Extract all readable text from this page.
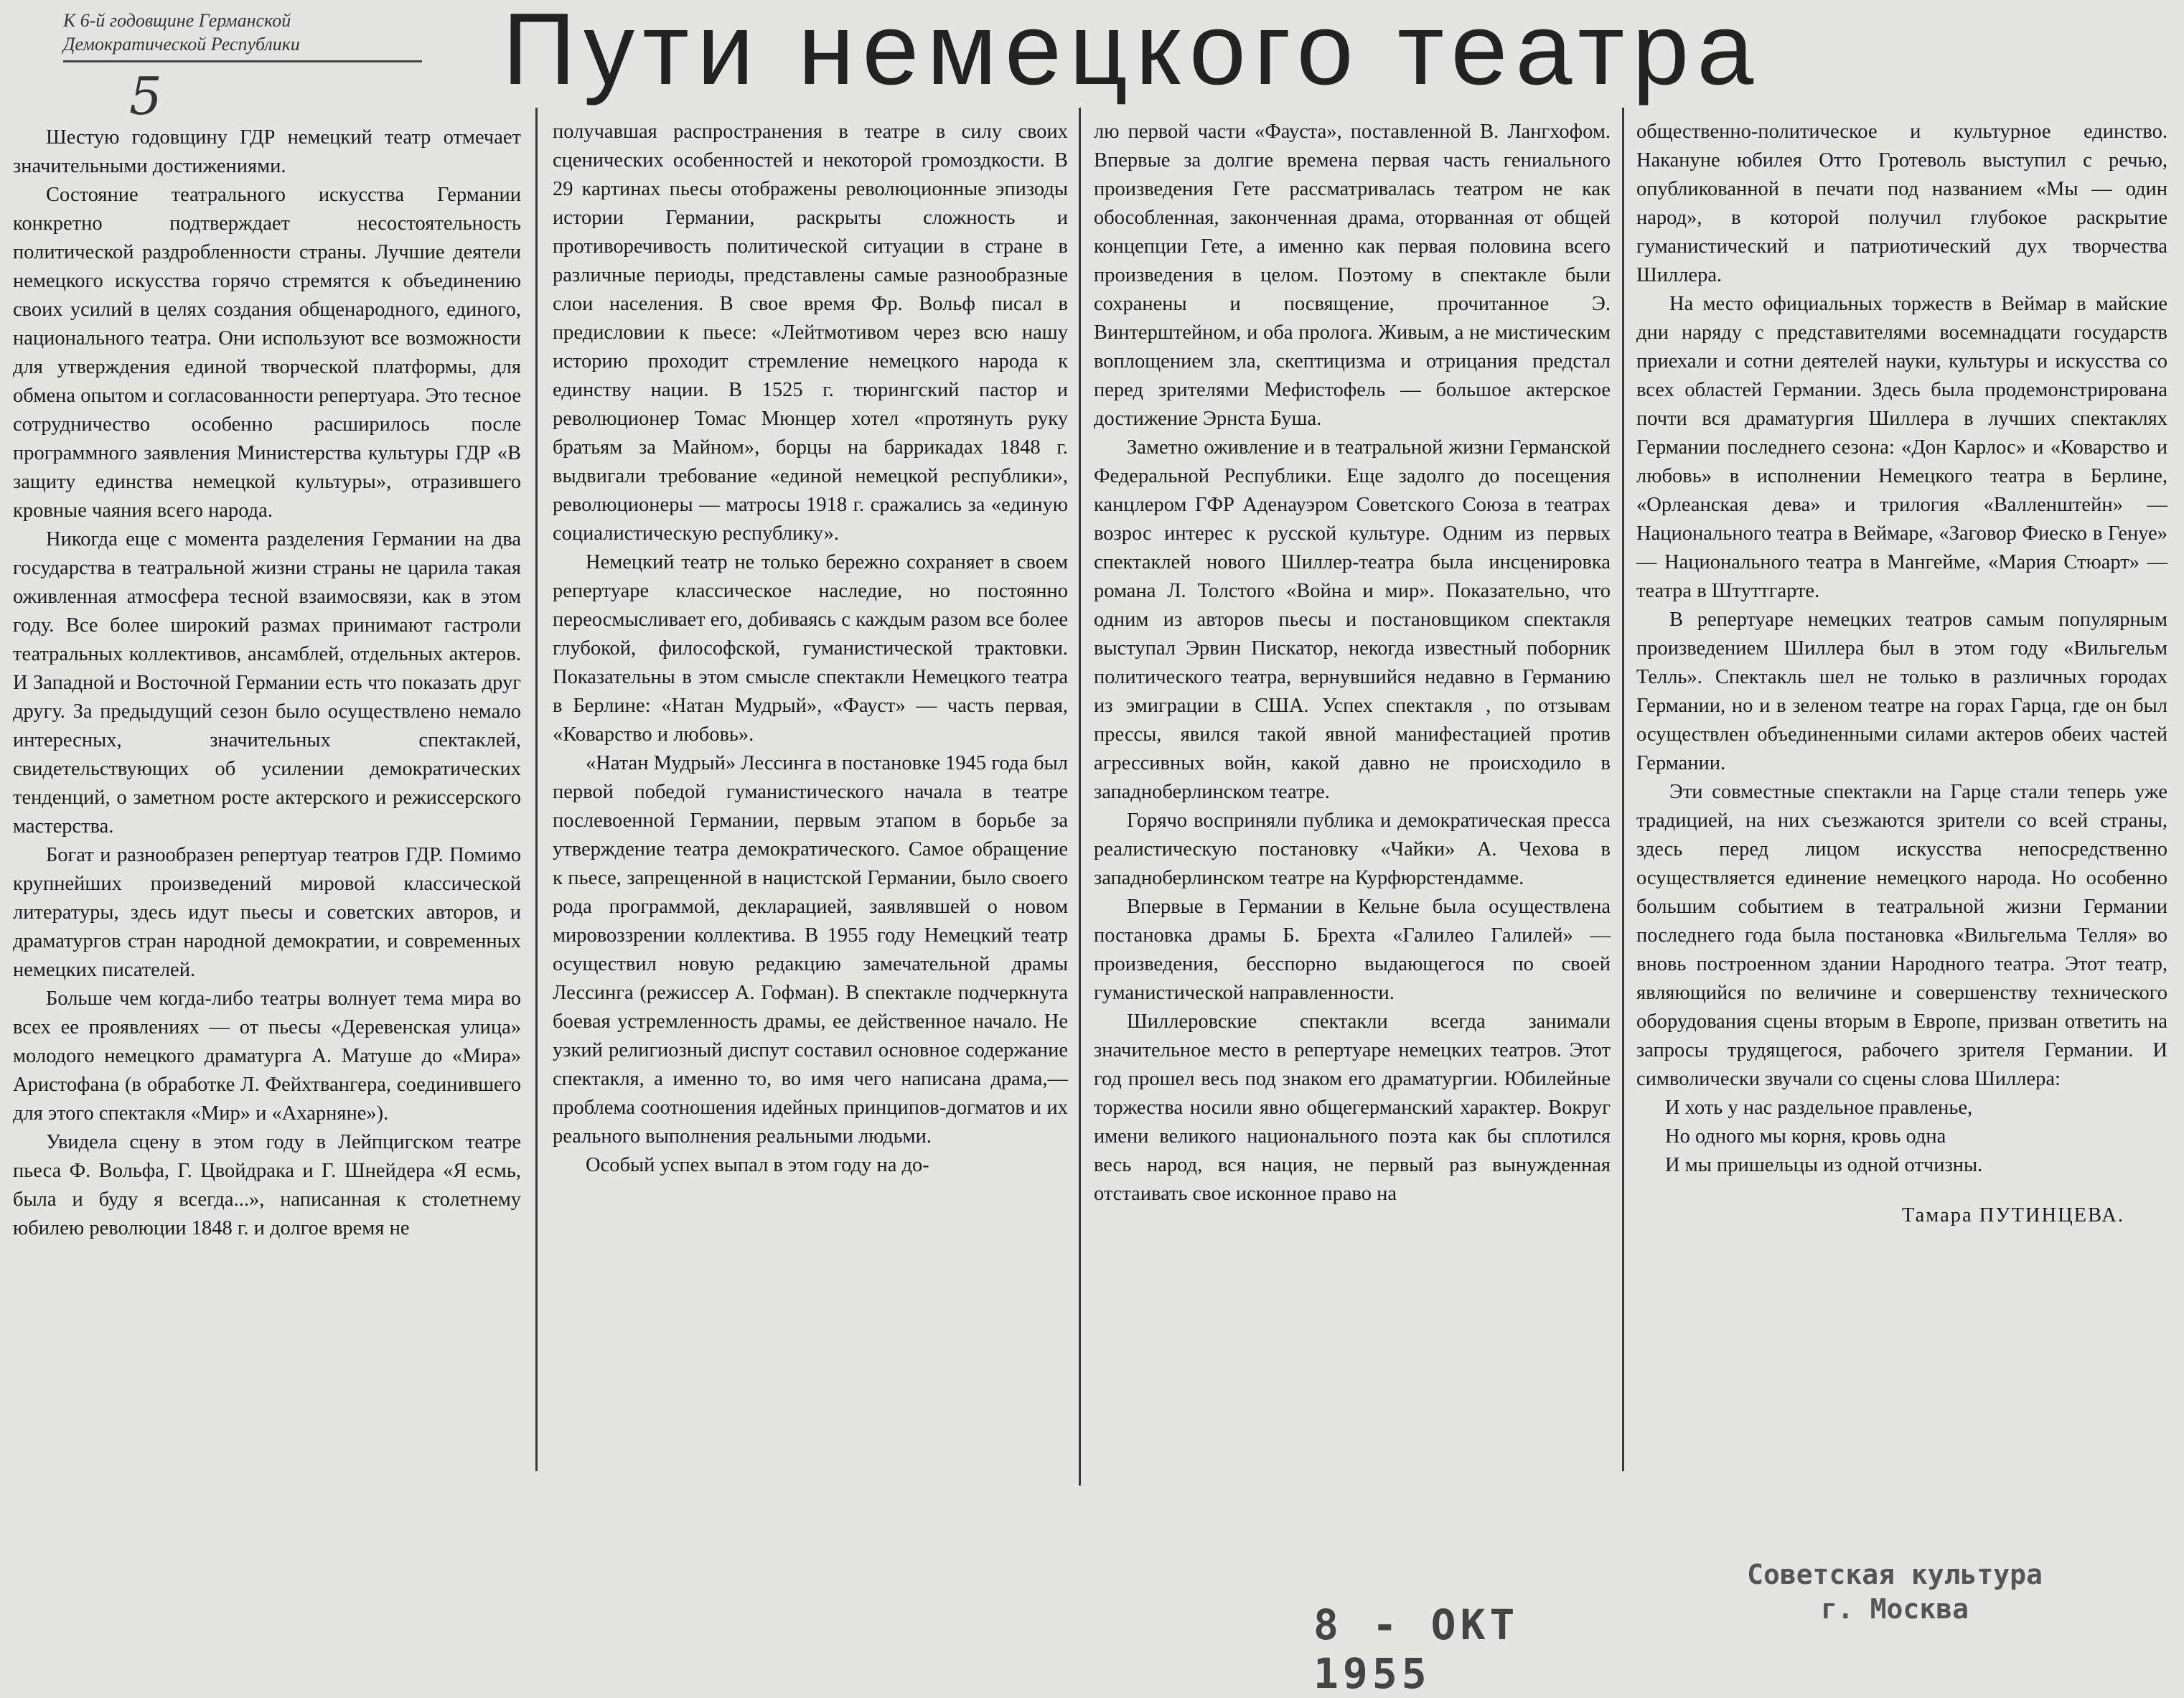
К 6-й годовщине Германской
Демократической Республики	Пути немецкого театра
5

Шестую годовщину ГДР немецкий театр отмечает значительными достижениями.

Состояние театрального искусства Германии конкретно подтверждает несостоятельность политической раздробленности страны. Лучшие деятели немецкого искусства горячо стремятся к объединению своих усилий в целях создания общенародного, единого, национального театра. Они используют все возможности для утверждения единой творческой платформы, для обмена опытом и согласованности репертуара. Это тесное сотрудничество особенно расширилось после программного заявления Министерства культуры ГДР «В защиту единства немецкой культуры», отразившего кровные чаяния всего народа.

Никогда еще с момента разделения Германии на два государства в театральной жизни страны не царила такая оживленная атмосфера тесной взаимосвязи, как в этом году. Все более широкий размах принимают гастроли театральных коллективов, ансамблей, отдельных актеров. И Западной и Восточной Германии есть что показать друг другу. За предыдущий сезон было осуществлено немало интересных, значительных спектаклей, свидетельствующих об усилении демократических тенденций, о заметном росте актерского и режиссерского мастерства.

Богат и разнообразен репертуар театров ГДР. Помимо крупнейших произведений мировой классической литературы, здесь идут пьесы и советских авторов, и драматургов стран народной демократии, и современных немецких писателей.

Больше чем когда-либо театры волнует тема мира во всех ее проявлениях — от пьесы «Деревенская улица» молодого немецкого драматурга А. Матуше до «Мира» Аристофана (в обработке Л. Фейхтвангера, соединившего для этого спектакля «Мир» и «Ахарняне»).

Увидела сцену в этом году в Лейпцигском театре пьеса Ф. Вольфа, Г. Цвойдрака и Г. Шнейдера «Я есмь, была и буду я всегда...», написанная к столетнему юбилею революции 1848 г. и долгое время не

получавшая распространения в театре в силу своих сценических особенностей и некоторой громоздкости. В 29 картинах пьесы отображены революционные эпизоды истории Германии, раскрыты сложность и противоречивость политической ситуации в стране в различные периоды, представлены самые разнообразные слои населения. В свое время Фр. Вольф писал в предисловии к пьесе: «Лейтмотивом через всю нашу историю проходит стремление немецкого народа к единству нации. В 1525 г. тюрингский пастор и революционер Томас Мюнцер хотел «протянуть руку братьям за Майном», борцы на баррикадах 1848 г. выдвигали требование «единой немецкой республики», революционеры — матросы 1918 г. сражались за «единую социалистическую республику».

Немецкий театр не только бережно сохраняет в своем репертуаре классическое наследие, но постоянно переосмысливает его, добиваясь с каждым разом все более глубокой, философской, гуманистической трактовки. Показательны в этом смысле спектакли Немецкого театра в Берлине: «Натан Мудрый», «Фауст» — часть первая, «Коварство и любовь».

«Натан Мудрый» Лессинга в постановке 1945 года был первой победой гуманистического начала в театре послевоенной Германии, первым этапом в борьбе за утверждение театра демократического. Самое обращение к пьесе, запрещенной в нацистской Германии, было своего рода программой, декларацией, заявлявшей о новом мировоззрении коллектива. В 1955 году Немецкий театр осуществил новую редакцию замечательной драмы Лессинга (режиссер А. Гофман). В спектакле подчеркнута боевая устремленность драмы, ее действенное начало. Не узкий религиозный диспут составил основное содержание спектакля, а именно то, во имя чего написана драма,—проблема соотношения идейных принципов-догматов и их реального выполнения реальными людьми.

Особый успех выпал в этом году на до-

лю первой части «Фауста», поставленной В. Лангхофом. Впервые за долгие времена первая часть гениального произведения Гете рассматривалась театром не как обособленная, законченная драма, оторванная от общей концепции Гете, а именно как первая половина всего произведения в целом. Поэтому в спектакле были сохранены и посвящение, прочитанное Э. Винтерштейном, и оба пролога. Живым, а не мистическим воплощением зла, скептицизма и отрицания предстал перед зрителями Мефистофель — большое актерское достижение Эрнста Буша.

Заметно оживление и в театральной жизни Германской Федеральной Республики. Еще задолго до посещения канцлером ГФР Аденауэром Советского Союза в театрах возрос интерес к русской культуре. Одним из первых спектаклей нового Шиллер-театра была инсценировка романа Л. Толстого «Война и мир». Показательно, что одним из авторов пьесы и постановщиком спектакля выступал Эрвин Пискатор, некогда известный поборник политического театра, вернувшийся недавно в Германию из эмиграции в США. Успех спектакля , по отзывам прессы, явился такой явной манифестацией против агрессивных войн, какой давно не происходило в западноберлинском театре.

Горячо восприняли публика и демократическая пресса реалистическую постановку «Чайки» А. Чехова в западноберлинском театре на Курфюрстендамме.

Впервые в Германии в Кельне была осуществлена постановка драмы Б. Брехта «Галилео Галилей» — произведения, бесспорно выдающегося по своей гуманистической направленности.

Шиллеровские спектакли всегда занимали значительное место в репертуаре немецких театров. Этот год прошел весь под знаком его драматургии. Юбилейные торжества носили явно общегерманский характер. Вокруг имени великого национального поэта как бы сплотился весь народ, вся нация, не первый раз вынужденная отстаивать свое исконное право на

общественно-политическое и культурное единство. Накануне юбилея Отто Гротеволь выступил с речью, опубликованной в печати под названием «Мы — один народ», в которой получил глубокое раскрытие гуманистический и патриотический дух творчества Шиллера.

На место официальных торжеств в Веймар в майские дни наряду с представителями восемнадцати государств приехали и сотни деятелей науки, культуры и искусства со всех областей Германии. Здесь была продемонстрирована почти вся драматургия Шиллера в лучших спектаклях Германии последнего сезона: «Дон Карлос» и «Коварство и любовь» в исполнении Немецкого театра в Берлине, «Орлеанская дева» и трилогия «Валленштейн» — Национального театра в Веймаре, «Заговор Фиеско в Генуе» — Национального театра в Мангейме, «Мария Стюарт» — театра в Штуттгарте.

В репертуаре немецких театров самым популярным произведением Шиллера был в этом году «Вильгельм Телль». Спектакль шел не только в различных городах Германии, но и в зеленом театре на горах Гарца, где он был осуществлен объединенными силами актеров обеих частей Германии.

Эти совместные спектакли на Гарце стали теперь уже традицией, на них съезжаются зрители со всей страны, здесь перед лицом искусства непосредственно осуществляется единение немецкого народа. Но особенно большим событием в театральной жизни Германии последнего года была постановка «Вильгельма Телля» во вновь построенном здании Народного театра. Этот театр, являющийся по величине и совершенству технического оборудования сцены вторым в Европе, призван ответить на запросы трудящегося, рабочего зрителя Германии. И символически звучали со сцены слова Шиллера:

И хоть у нас раздельное правленье,
Но одного мы корня, кровь одна
И мы пришельцы из одной отчизны.
Тамара ПУТИНЦЕВА.
Советская культура
г. Москва
8 - ОКТ 1955
